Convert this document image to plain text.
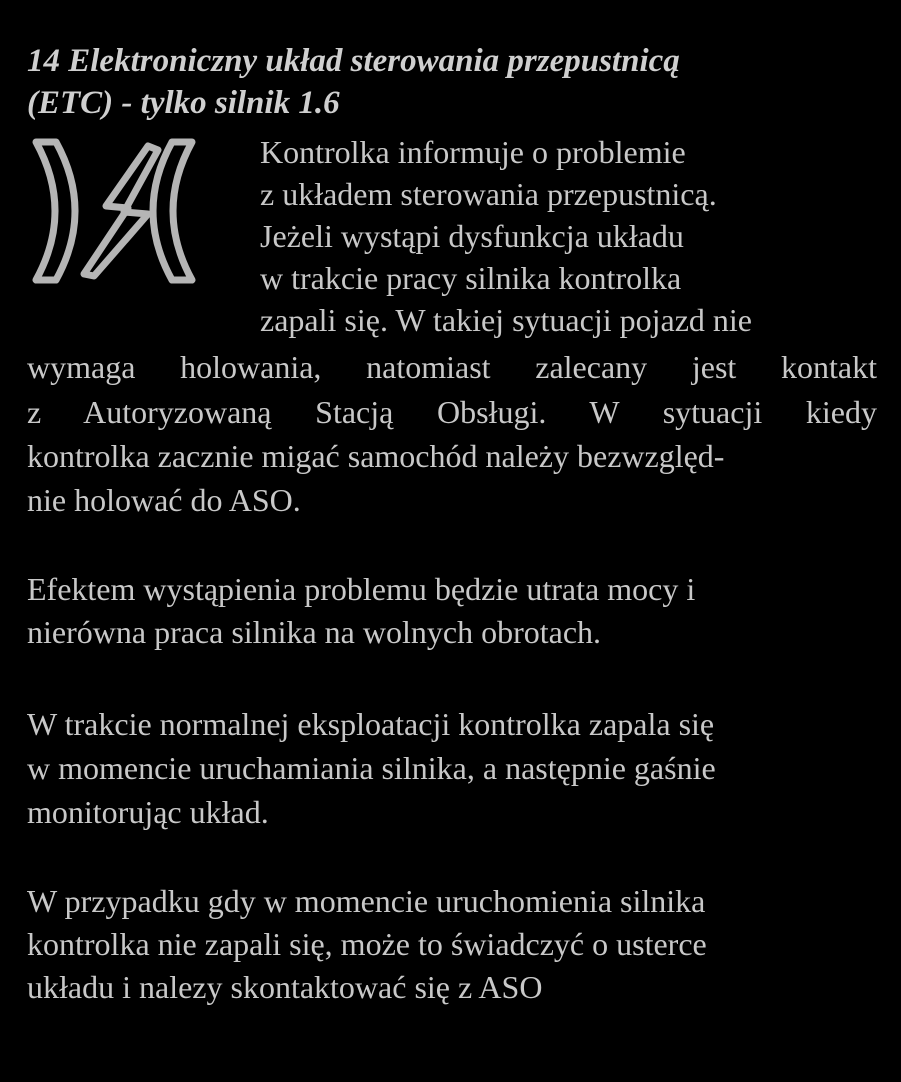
14 Elektroniczny układ sterowania przepustnicą
(ETC) - tylko silnik 1.6
Kontrolka informuje o problemie
z układem sterowania przepustnicą.
Jeżeli wystąpi dysfunkcja układu
w trakcie pracy silnika kontrolka
zapali się. W takiej sytuacji pojazd nie
wymaga holowania, natomiast zalecany jest kontakt
z Autoryzowaną Stacją Obsługi. W sytuacji kiedy
kontrolka zacznie migać samochód należy bezwzględ-
nie holować do ASO.
Efektem wystąpienia problemu będzie utrata mocy i
nierówna praca silnika na wolnych obrotach.
W trakcie normalnej eksploatacji kontrolka zapala się
w momencie uruchamiania silnika, a następnie gaśnie
monitorując układ.
W przypadku gdy w momencie uruchomienia silnika
kontrolka nie zapali się, może to świadczyć o usterce
układu i nalezy skontaktować się z ASO
